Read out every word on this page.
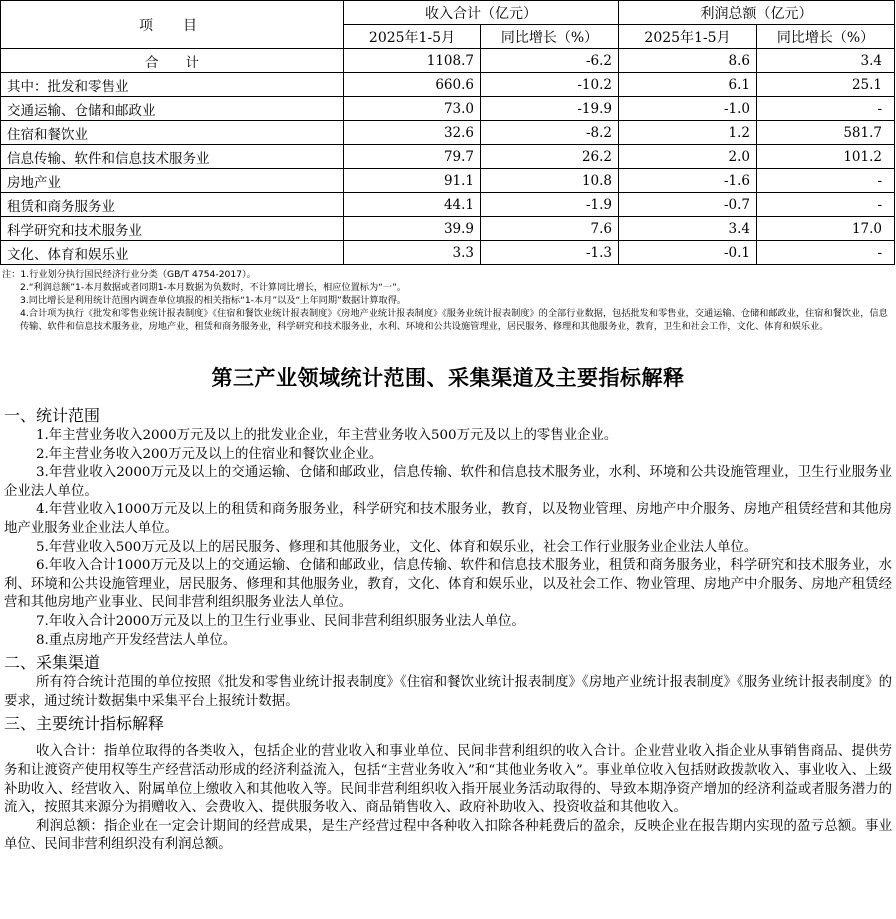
项　目	收入合计（亿元）		利润总额（亿元）	
	2025年1-5月	同比增长（%）	2025年1-5月	同比增长（%）
合　　计	1108.7	-6.2	8.6	3.4
其中：批发和零售业	660.6	-10.2	6.1	25.1
交通运输、仓储和邮政业	73.0	-19.9	-1.0	-
住宿和餐饮业	32.6	-8.2	1.2	581.7
信息传输、软件和信息技术服务业	79.7	26.2	2.0	101.2
房地产业	91.1	10.8	-1.6	-
租赁和商务服务业	44.1	-1.9	-0.7	-
科学研究和技术服务业	39.9	7.6	3.4	17.0
文化、体育和娱乐业	3.3	-1.3	-0.1	-

注：1.行业划分执行国民经济行业分类（GB/T 4754-2017）。

2.“利润总额”1-本月数据或者同期1-本月数据为负数时，不计算同比增长，相应位置标为“一”。

3.同比增长是利用统计范围内调查单位填报的相关指标“1-本月”以及“上年同期”数据计算取得。

4.合计项为执行《批发和零售业统计报表制度》《住宿和餐饮业统计报表制度》《房地产业统计报表制度》《服务业统计报表制度》的全部行业数据，包括批发和零售业，交通运输、仓储和邮政业，住宿和餐饮业，信息传输、软件和信息技术服务业，房地产业，租赁和商务服务业，科学研究和技术服务业，水利、环境和公共设施管理业，居民服务、修理和其他服务业，教育，卫生和社会工作，文化、体育和娱乐业。

第三产业领域统计范围、采集渠道及主要指标解释
一、统计范围

1.年主营业务收入2000万元及以上的批发业企业，年主营业务收入500万元及以上的零售业企业。

2.年主营业务收入200万元及以上的住宿业和餐饮业企业。

3.年营业收入2000万元及以上的交通运输、仓储和邮政业，信息传输、软件和信息技术服务业，水利、环境和公共设施管理业，卫生行业服务业企业法人单位。

4.年营业收入1000万元及以上的租赁和商务服务业，科学研究和技术服务业，教育，以及物业管理、房地产中介服务、房地产租赁经营和其他房地产业服务业企业法人单位。

5.年营业收入500万元及以上的居民服务、修理和其他服务业，文化、体育和娱乐业，社会工作行业服务业企业法人单位。

6.年收入合计1000万元及以上的交通运输、仓储和邮政业，信息传输、软件和信息技术服务业，租赁和商务服务业，科学研究和技术服务业，水利、环境和公共设施管理业，居民服务、修理和其他服务业，教育，文化、体育和娱乐业，以及社会工作、物业管理、房地产中介服务、房地产租赁经营和其他房地产业事业、民间非营利组织服务业法人单位。

7.年收入合计2000万元及以上的卫生行业事业、民间非营利组织服务业法人单位。

8.重点房地产开发经营法人单位。

二、采集渠道

所有符合统计范围的单位按照《批发和零售业统计报表制度》《住宿和餐饮业统计报表制度》《房地产业统计报表制度》《服务业统计报表制度》的要求，通过统计数据集中采集平台上报统计数据。

三、主要统计指标解释

收入合计：指单位取得的各类收入，包括企业的营业收入和事业单位、民间非营利组织的收入合计。企业营业收入指企业从事销售商品、提供劳务和让渡资产使用权等生产经营活动形成的经济利益流入，包括“主营业务收入”和“其他业务收入”。事业单位收入包括财政拨款收入、事业收入、上级补助收入、经营收入、附属单位上缴收入和其他收入等。民间非营利组织收入指开展业务活动取得的、导致本期净资产增加的经济利益或者服务潜力的流入，按照其来源分为捐赠收入、会费收入、提供服务收入、商品销售收入、政府补助收入、投资收益和其他收入。

利润总额：指企业在一定会计期间的经营成果，是生产经营过程中各种收入扣除各种耗费后的盈余，反映企业在报告期内实现的盈亏总额。事业单位、民间非营利组织没有利润总额。
